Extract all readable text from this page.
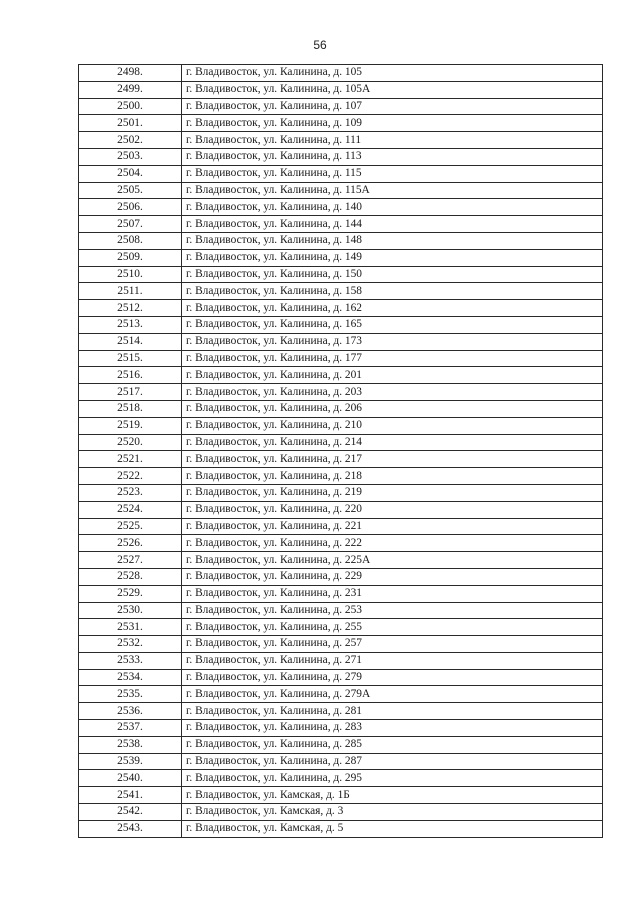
56
2498.	г. Владивосток, ул. Калинина, д. 105
2499.	г. Владивосток, ул. Калинина, д. 105А
2500.	г. Владивосток, ул. Калинина, д. 107
2501.	г. Владивосток, ул. Калинина, д. 109
2502.	г. Владивосток, ул. Калинина, д. 111
2503.	г. Владивосток, ул. Калинина, д. 113
2504.	г. Владивосток, ул. Калинина, д. 115
2505.	г. Владивосток, ул. Калинина, д. 115А
2506.	г. Владивосток, ул. Калинина, д. 140
2507.	г. Владивосток, ул. Калинина, д. 144
2508.	г. Владивосток, ул. Калинина, д. 148
2509.	г. Владивосток, ул. Калинина, д. 149
2510.	г. Владивосток, ул. Калинина, д. 150
2511.	г. Владивосток, ул. Калинина, д. 158
2512.	г. Владивосток, ул. Калинина, д. 162
2513.	г. Владивосток, ул. Калинина, д. 165
2514.	г. Владивосток, ул. Калинина, д. 173
2515.	г. Владивосток, ул. Калинина, д. 177
2516.	г. Владивосток, ул. Калинина, д. 201
2517.	г. Владивосток, ул. Калинина, д. 203
2518.	г. Владивосток, ул. Калинина, д. 206
2519.	г. Владивосток, ул. Калинина, д. 210
2520.	г. Владивосток, ул. Калинина, д. 214
2521.	г. Владивосток, ул. Калинина, д. 217
2522.	г. Владивосток, ул. Калинина, д. 218
2523.	г. Владивосток, ул. Калинина, д. 219
2524.	г. Владивосток, ул. Калинина, д. 220
2525.	г. Владивосток, ул. Калинина, д. 221
2526.	г. Владивосток, ул. Калинина, д. 222
2527.	г. Владивосток, ул. Калинина, д. 225А
2528.	г. Владивосток, ул. Калинина, д. 229
2529.	г. Владивосток, ул. Калинина, д. 231
2530.	г. Владивосток, ул. Калинина, д. 253
2531.	г. Владивосток, ул. Калинина, д. 255
2532.	г. Владивосток, ул. Калинина, д. 257
2533.	г. Владивосток, ул. Калинина, д. 271
2534.	г. Владивосток, ул. Калинина, д. 279
2535.	г. Владивосток, ул. Калинина, д. 279А
2536.	г. Владивосток, ул. Калинина, д. 281
2537.	г. Владивосток, ул. Калинина, д. 283
2538.	г. Владивосток, ул. Калинина, д. 285
2539.	г. Владивосток, ул. Калинина, д. 287
2540.	г. Владивосток, ул. Калинина, д. 295
2541.	г. Владивосток, ул. Камская, д. 1Б
2542.	г. Владивосток, ул. Камская, д. 3
2543.	г. Владивосток, ул. Камская, д. 5
